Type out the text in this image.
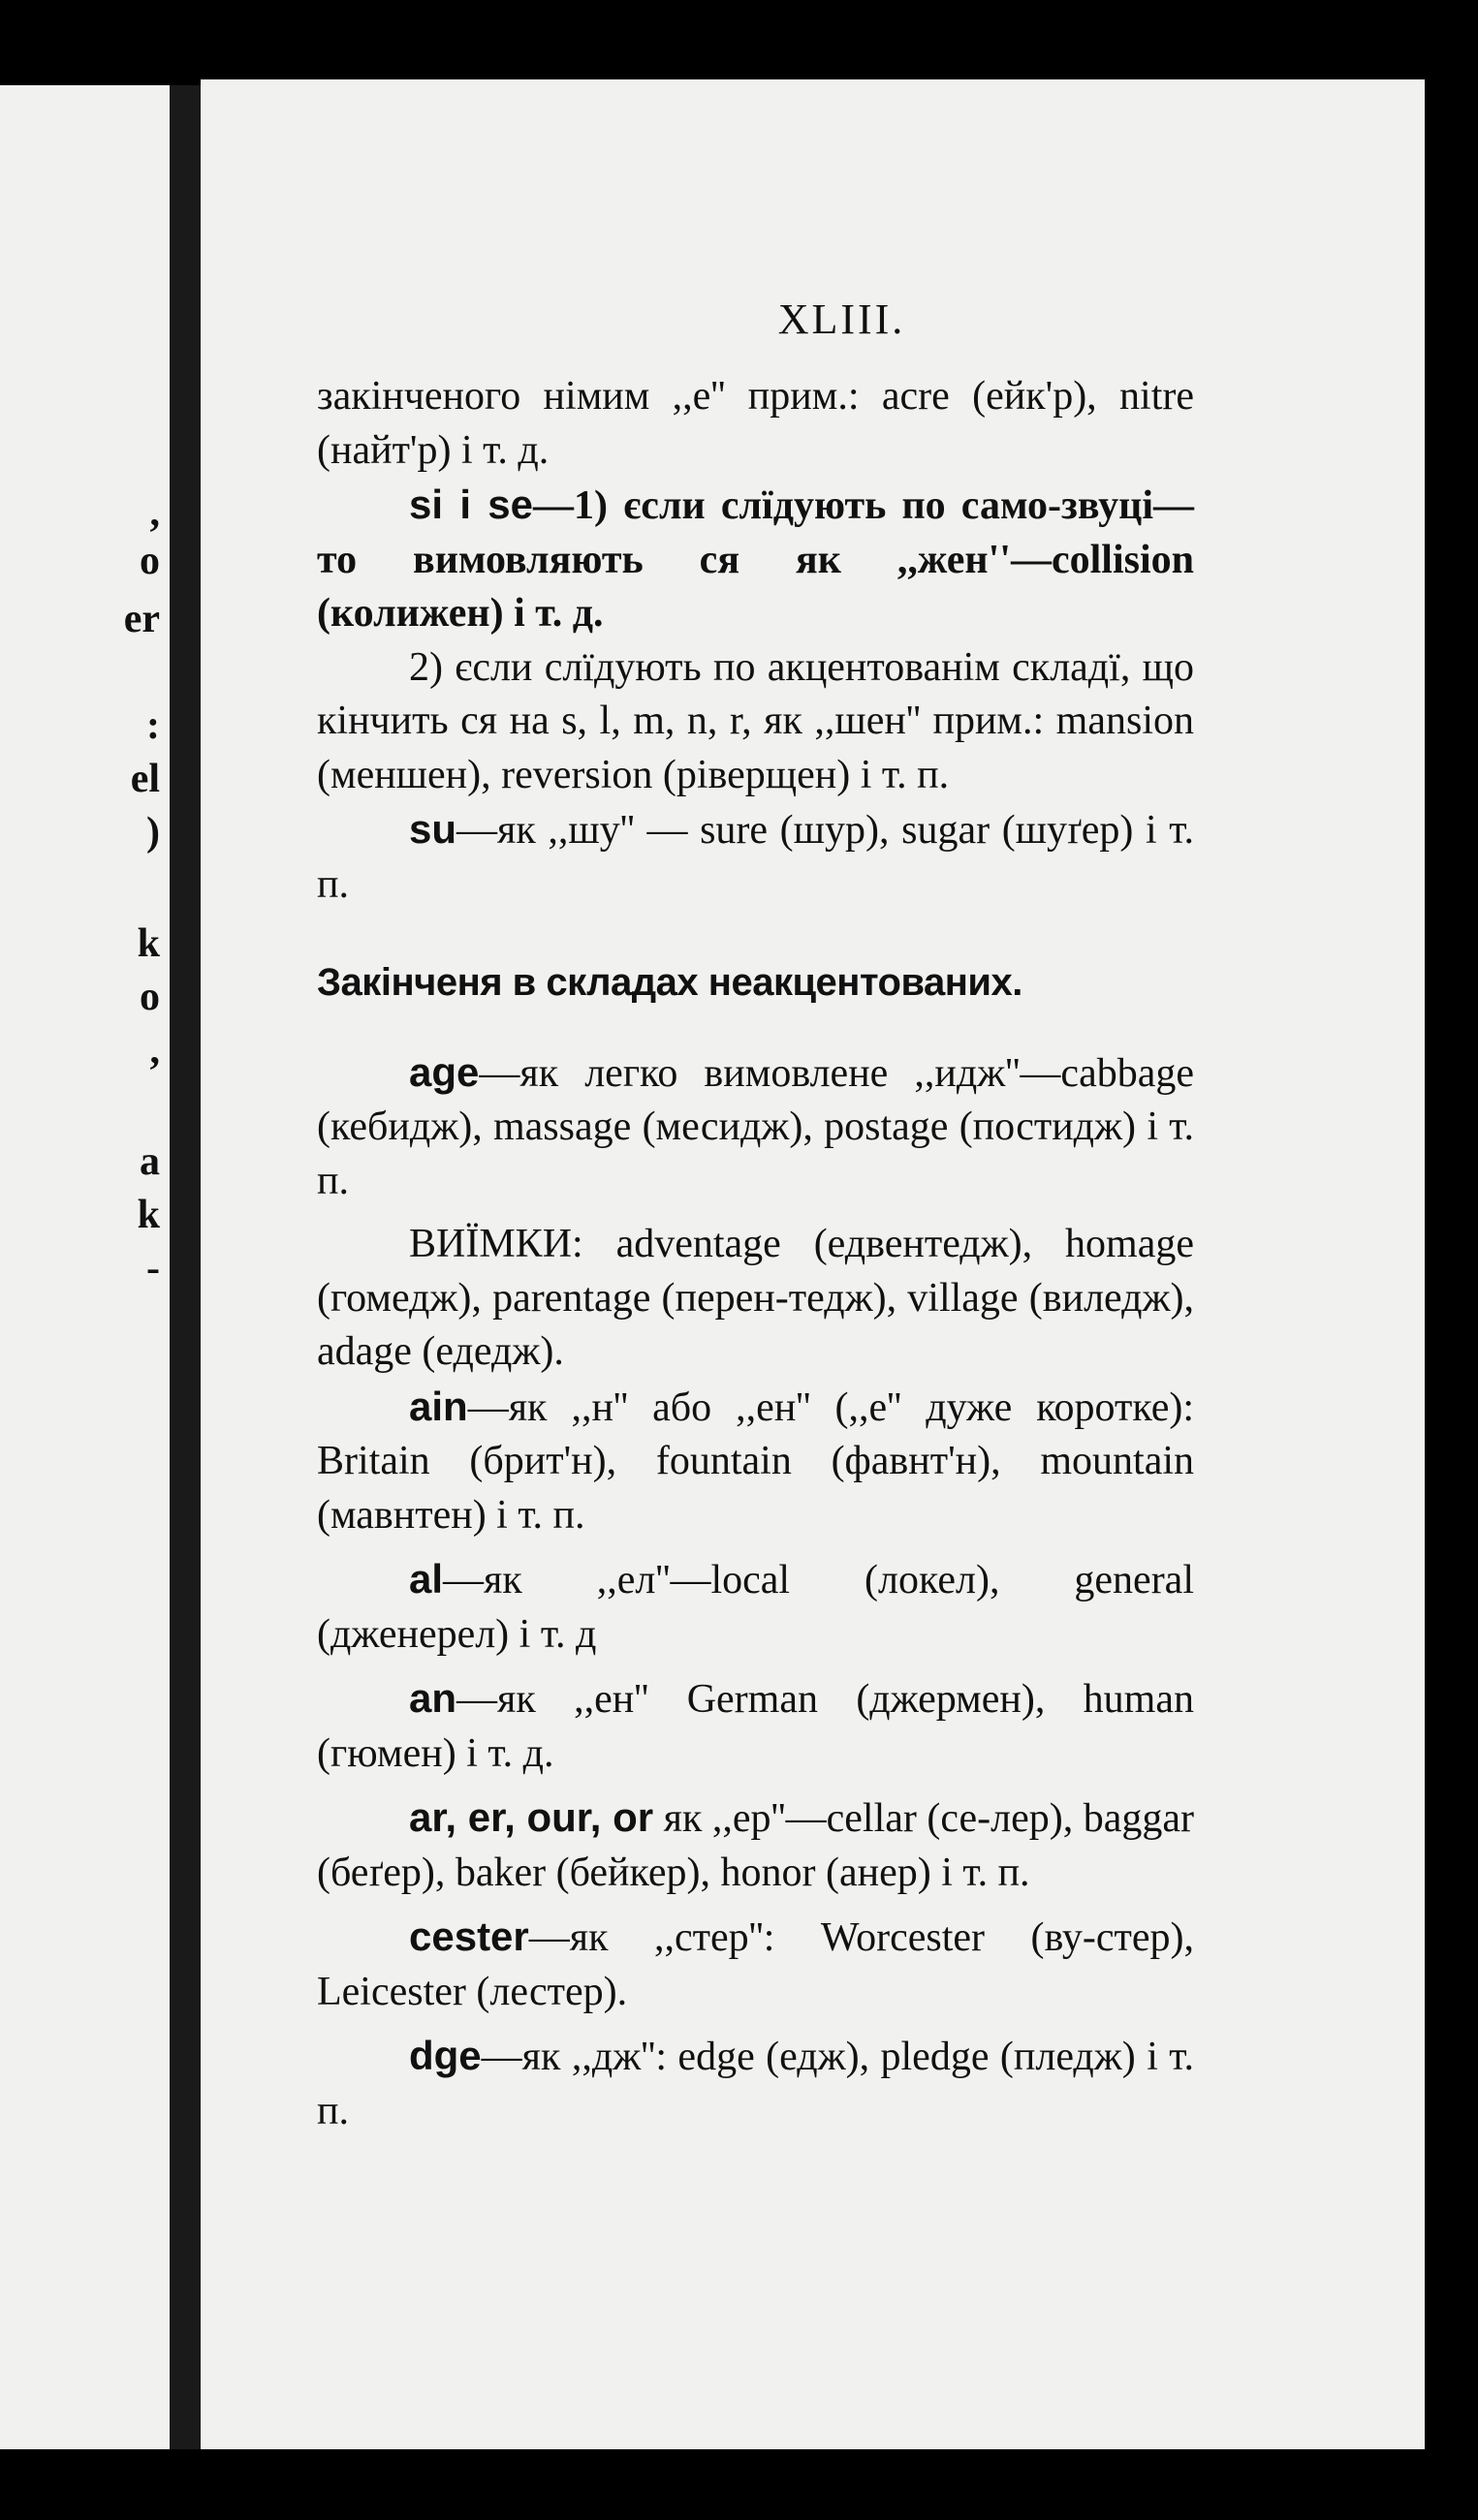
,
o
er
:
el
)
k
o
,
a
k
-
XLIII.

закінченого німим ,,е'' прим.: acre (ейк'р), nitre (найт'р) і т. д.

si і se—1) єсли слїдують по само-звуці—то вимовляють ся як ,,жен''—collision (колижен) і т. д.

2) єсли слїдують по акцентованім складї, що кінчить ся на s, l, m, n, r, як ,,шен'' прим.: mansion (меншен), reversion (ріверщен) і т. п.

su—як ,,шу'' — sure (шур), sugar (шуґер) і т. п.

Закінченя в складах неакцентованих.

age—як легко вимовлене ,,идж''—cabbage (кебидж), massage (месидж), postage (постидж) і т. п.

ВИЇМКИ: adventage (едвентедж), homage (гомедж), parentage (перен-тедж), village (виледж), adage (едедж).

ain—як ,,н'' або ,,ен'' (,,е'' дуже коротке): Britain (брит'н), fountain (фавнт'н), mountain (мавнтен) і т. п.

al—як ,,ел''—local (локел), general (дженерел) і т. д

an—як ,,ен'' German (джермен), human (гюмен) і т. д.

ar, er, our, or як ,,ер''—cellar (се-лер), baggar (беґер), baker (бейкер), honor (анер) і т. п.

cester—як ,,стер'': Worcester (ву-стер), Leicester (лестер).

dge—як ,,дж'': edge (едж), pledge (пледж) і т. п.
